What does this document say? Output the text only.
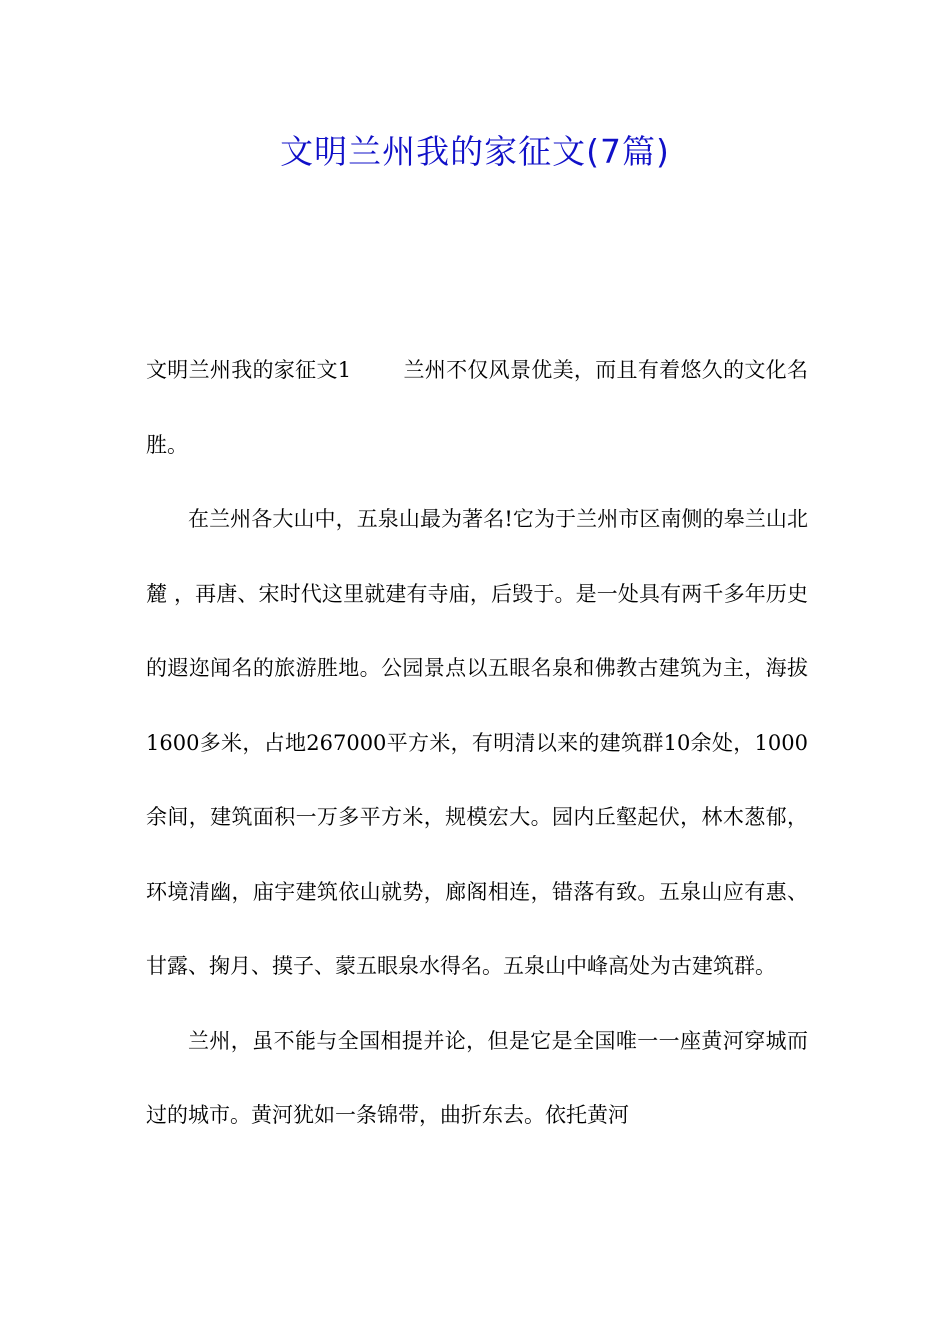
文明兰州我的家征文(7篇)

文明兰州我的家征文1 兰州不仅风景优美，而且有着悠久的文化名胜。

在兰州各大山中，五泉山最为著名!它为于兰州市区南侧的皋兰山北麓 ，再唐、宋时代这里就建有寺庙，后毁于。是一处具有两千多年历史的遐迩闻名的旅游胜地。公园景点以五眼名泉和佛教古建筑为主，海拔1600多米，占地267000平方米，有明清以来的建筑群10余处，1000余间，建筑面积一万多平方米，规模宏大。园内丘壑起伏，林木葱郁，环境清幽，庙宇建筑依山就势，廊阁相连，错落有致。五泉山应有惠、甘露、掬月、摸子、蒙五眼泉水得名。五泉山中峰高处为古建筑群。

兰州，虽不能与全国相提并论，但是它是全国唯一一座黄河穿城而过的城市。黄河犹如一条锦带，曲折东去。依托黄河
